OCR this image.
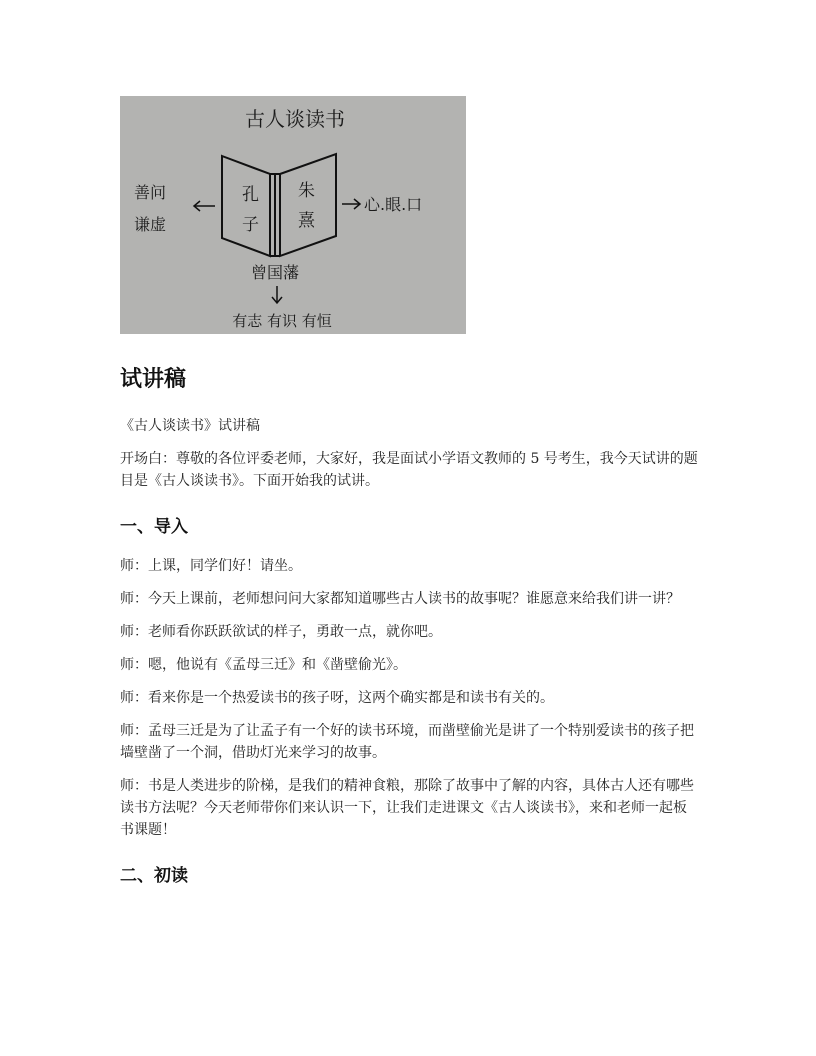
古人谈读书
孔
子
朱
熹
善问
谦虚
心.眼.口
曾国藩
有志 有识 有恒
试讲稿

《古人谈读书》试讲稿

开场白：尊敬的各位评委老师，大家好，我是面试小学语文教师的 5 号考生，我今天试讲的题目是《古人谈读书》。下面开始我的试讲。

一、导入

师：上课，同学们好！请坐。

师：今天上课前，老师想问问大家都知道哪些古人读书的故事呢？谁愿意来给我们讲一讲？

师：老师看你跃跃欲试的样子，勇敢一点，就你吧。

师：嗯，他说有《孟母三迁》和《凿壁偷光》。

师：看来你是一个热爱读书的孩子呀，这两个确实都是和读书有关的。

师：孟母三迁是为了让孟子有一个好的读书环境，而凿壁偷光是讲了一个特别爱读书的孩子把墙壁凿了一个洞，借助灯光来学习的故事。

师：书是人类进步的阶梯，是我们的精神食粮，那除了故事中了解的内容，具体古人还有哪些读书方法呢？今天老师带你们来认识一下，让我们走进课文《古人谈读书》，来和老师一起板书课题！

二、初读
